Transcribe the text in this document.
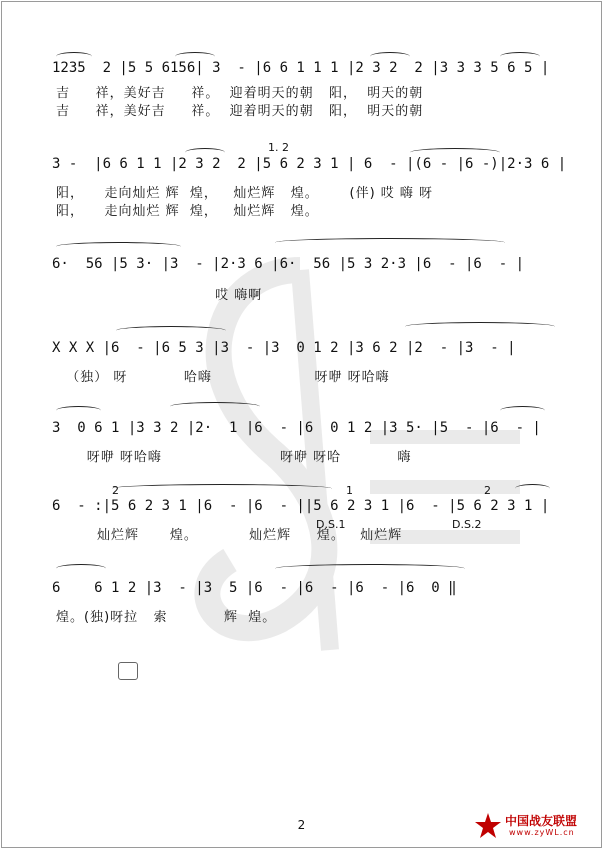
1235  2 |5 5 6156| 3  - |6 6 1 1 1 |2 3 2  2 |3 3 3 5 6 5 |
吉     祥，美好吉     祥。  迎着明天的朝   阳，  明天的朝
吉     祥，美好吉     祥。  迎着明天的朝   阳，  明天的朝
3 -  |6 6 1 1 |2 3 2  2 |5 6 2 3 1 | 6  - |(6 - |6 -)|2·3 6 |
阳，    走向灿烂 辉  煌，   灿烂辉   煌。      (伴) 哎 嗨 呀
阳，    走向灿烂 辉  煌，   灿烂辉   煌。
1. 2
6·  56 |5 3· |3  - |2·3 6 |6·  56 |5 3 2·3 |6  - |6  - |
哎 嗨啊
X X X |6  - |6 5 3 |3  - |3  0 1 2 |3 6 2 |2  - |3  - |
（独） 呀           哈嗨                    呀咿 呀哈嗨
3  0 6 1 |3 3 2 |2·  1 |6  - |6  0 1 2 |3 5· |5  - |6  - |
呀咿 呀哈嗨                       呀咿 呀哈           嗨
6  - :|5 6 2 3 1 |6  - |6  - ||5 6 2 3 1 |6  - |5 6 2 3 1 |
灿烂辉      煌。          灿烂辉     煌。   灿烂辉
2	1	2
D.S.1	D.S.2
6    6 1 2 |3  - |3  5 |6  - |6  - |6  - |6  0 ‖
煌。(独)呀拉   索           辉  煌。
2	中国战友联盟
www.zyWL.cn
